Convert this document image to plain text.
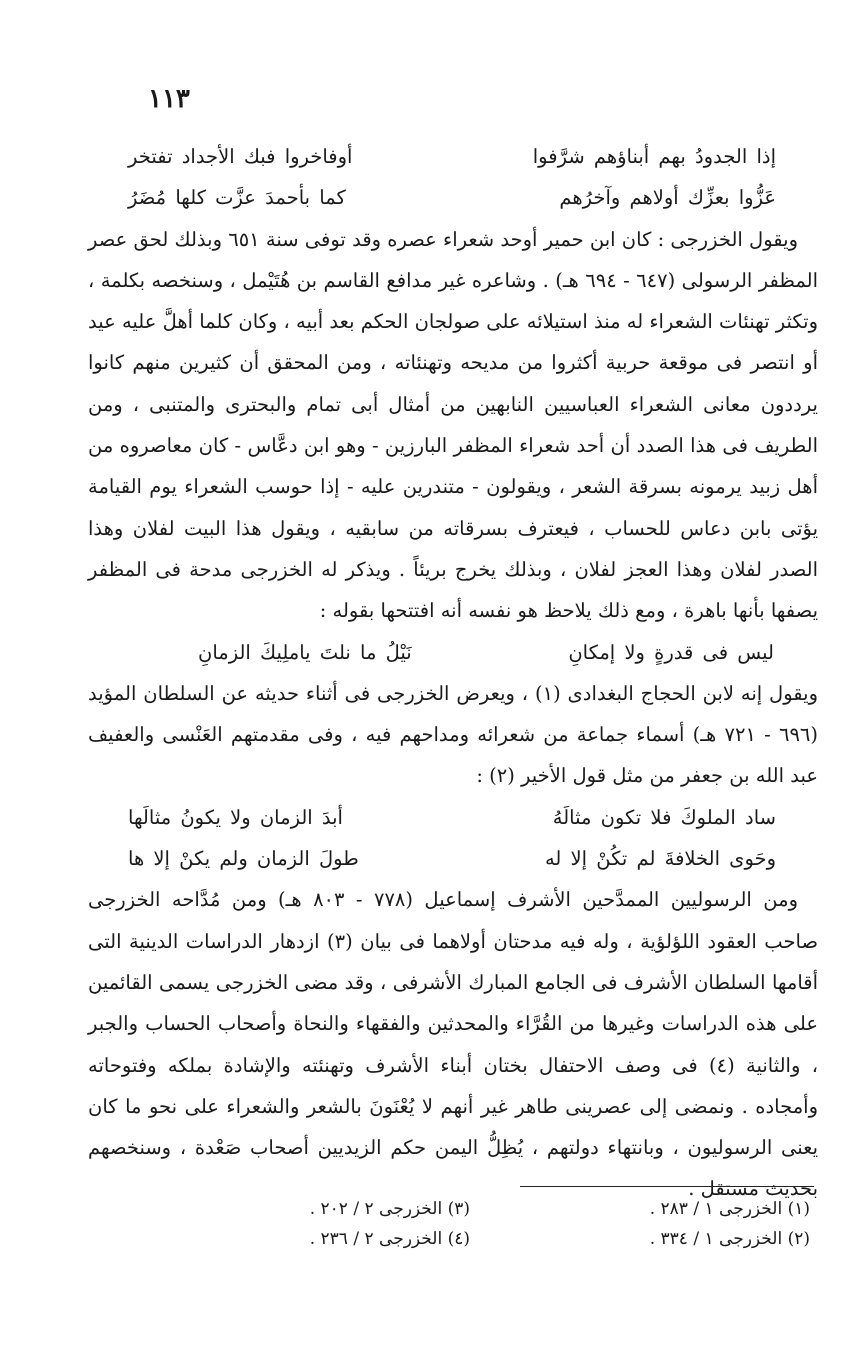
١١٣
إذا الجدودُ بهم أبناؤهم شرَّفوا
أوفاخروا فبك الأجداد تفتخر
عَزُّوا بعزِّك أولاهم وآخرُهم
كما بأحمدَ عزَّت كلها مُضَرُ

ويقول الخزرجى : كان ابن حمير أوحد شعراء عصره وقد توفى سنة ٦٥١ وبذلك لحق عصر المظفر الرسولى (٦٤٧ - ٦٩٤ هـ) . وشاعره غير مدافع القاسم بن هُتَيْمل ، وسنخصه بكلمة ، وتكثر تهنئات الشعراء له منذ استيلائه على صولجان الحكم بعد أبيه ، وكان كلما أهلَّ عليه عيد أو انتصر فى موقعة حربية أكثروا من مديحه وتهنئاته ، ومن المحقق أن كثيرين منهم كانوا يرددون معانى الشعراء العباسيين النابهين من أمثال أبى تمام والبحترى والمتنبى ، ومن الطريف فى هذا الصدد أن أحد شعراء المظفر البارزين - وهو ابن دعَّاس - كان معاصروه من أهل زبيد يرمونه بسرقة الشعر ، ويقولون - متندرين عليه - إذا حوسب الشعراء يوم القيامة يؤتى بابن دعاس للحساب ، فيعترف بسرقاته من سابقيه ، ويقول هذا البيت لفلان وهذا الصدر لفلان وهذا العجز لفلان ، وبذلك يخرج بريئاً . ويذكر له الخزرجى مدحة فى المظفر يصفها بأنها باهرة ، ومع ذلك يلاحظ هو نفسه أنه افتتحها بقوله :

ليس فى قدرةٍ ولا إمكانِ
نَيْلُ ما نلتَ ياملِيكَ الزمانِ

ويقول إنه لابن الحجاج البغدادى (١) ، ويعرض الخزرجى فى أثناء حديثه عن السلطان المؤيد (٦٩٦ - ٧٢١ هـ) أسماء جماعة من شعرائه ومداحهم فيه ، وفى مقدمتهم العَنْسى والعفيف عبد الله بن جعفر من مثل قول الأخير (٢) :

ساد الملوكَ فلا تكون مثالَهُ
أبدَ الزمان ولا يكونُ مثالَها
وحَوى الخلافةَ لم تكُنْ إلا له
طولَ الزمان ولم يكنْ إلا ها

ومن الرسوليين الممدَّحين الأشرف إسماعيل (٧٧٨ - ٨٠٣ هـ) ومن مُدَّاحه الخزرجى صاحب العقود اللؤلؤية ، وله فيه مدحتان أولاهما فى بيان (٣) ازدهار الدراسات الدينية التى أقامها السلطان الأشرف فى الجامع المبارك الأشرفى ، وقد مضى الخزرجى يسمى القائمين على هذه الدراسات وغيرها من القُرَّاء والمحدثين والفقهاء والنحاة وأصحاب الحساب والجبر ، والثانية (٤) فى وصف الاحتفال بختان أبناء الأشرف وتهنئته والإشادة بملكه وفتوحاته وأمجاده . ونمضى إلى عصرينى طاهر غير أنهم لا يُعْنَونَ بالشعر والشعراء على نحو ما كان يعنى الرسوليون ، وبانتهاء دولتهم ، يُظِلُّ اليمن حكم الزيديين أصحاب صَعْدة ، وسنخصهم بحديث مستقل .

(١) الخزرجى ١ / ٢٨٣ .
(٢) الخزرجى ١ / ٣٣٤ .
(٣) الخزرجى ٢ / ٢٠٢ .
(٤) الخزرجى ٢ / ٢٣٦ .
